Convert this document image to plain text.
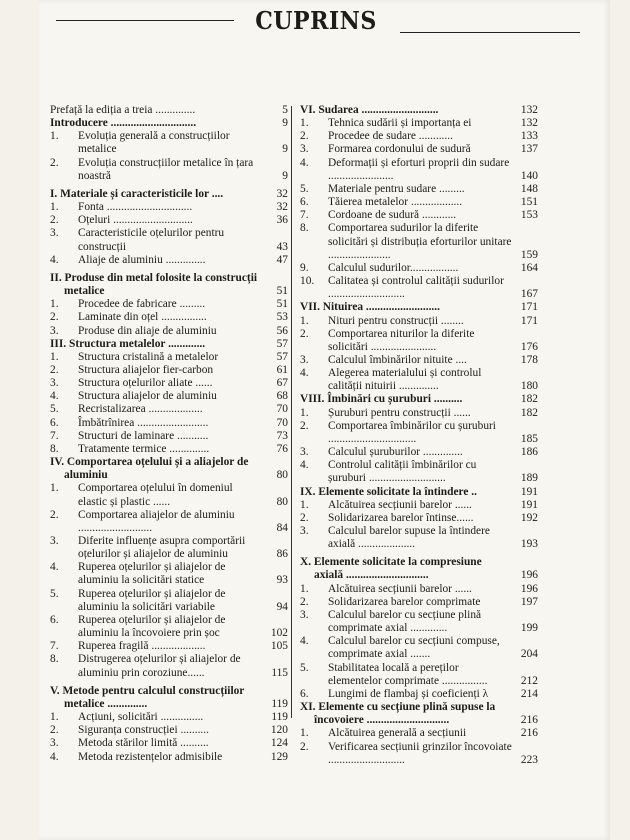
CUPRINS
Prefață la ediția a treia ..............	5
Introducere ..............................	9
1. Evoluția generală a construcțiilor metalice	9
2. Evoluția construcțiilor metalice în țara noastră	9
I. Materiale și caracteristicile lor ....	32
1. Fonta ..............................	32
2. Oțeluri ............................	36
3. Caracteristicile oțelurilor pentru construcții	43
4. Aliaje de aluminiu ..............	47
II. Produse din metal folosite la construcții metalice	51
1. Procedee de fabricare .........	51
2. Laminate din oțel ................	53
3. Produse din aliaje de aluminiu	56
III. Structura metalelor .............	57
1. Structura cristalină a metalelor	57
2. Structura aliajelor fier-carbon	61
3. Structura oțelurilor aliate ......	67
4. Structura aliajelor de aluminiu	68
5. Recristalizarea ...................	70
6. Îmbătrînirea .........................	70
7. Structuri de laminare ...........	73
8. Tratamente termice ..............	76
IV. Comportarea oțelului și a aliajelor de aluminiu	80
1. Comportarea oțelului în domeniul elastic și plastic ......	80
2. Comportarea aliajelor de aluminiu ..........................	84
3. Diferite influențe asupra comportării oțelurilor și aliajelor de aluminiu	86
4. Ruperea oțelurilor și aliajelor de aluminiu la solicitări statice	93
5. Ruperea oțelurilor și aliajelor de aluminiu la solicitări variabile	94
6. Ruperea oțelurilor și aliajelor de aluminiu la încovoiere prin șoc	102
7. Ruperea fragilă ...................	105
8. Distrugerea oțelurilor și aliajelor de aluminiu prin coroziune......	115
V. Metode pentru calculul construcțiilor metalice ..............	119
1. Acțiuni, solicitări ...............	119
2. Siguranța construcției ..........	120
3. Metoda stărilor limită ..........	124
4. Metoda rezistențelor admisibile	129
VI. Sudarea ...........................	132
1. Tehnica sudării și importanța ei	132
2. Procedee de sudare ............	133
3. Formarea cordonului de sudură	137
4. Deformații și eforturi proprii din sudare .......................	140
5. Materiale pentru sudare .........	148
6. Tăierea metalelor ..................	151
7. Cordoane de sudură ............	153
8. Comportarea sudurilor la diferite solicitări și distribuția eforturilor unitare ......................	159
9. Calculul sudurilor.................	164
10. Calitatea și controlul calității sudurilor ...........................	167
VII. Nituirea ..........................	171
1. Nituri pentru construcții ........	171
2. Comportarea niturilor la diferite solicitări .......................	176
3. Calculul îmbinărilor nituite ....	178
4. Alegerea materialului și controlul calității nituirii ..............	180
VIII. Îmbinări cu șuruburi ..........	182
1. Șuruburi pentru construcții ......	182
2. Comportarea îmbinărilor cu șuruburi ...............................	185
3. Calculul șuruburilor ..............	186
4. Controlul calității îmbinărilor cu șuruburi ...........................	189
IX. Elemente solicitate la întindere ..	191
1. Alcătuirea secțiunii barelor ......	191
2. Solidarizarea barelor întinse......	192
3. Calculul barelor supuse la întindere axială ....................	193
X. Elemente solicitate la compresiune axială .............................	196
1. Alcătuirea secțiunii barelor ......	196
2. Solidarizarea barelor comprimate	197
3. Calculul barelor cu secțiune plină comprimate axial .............	199
4. Calculul barelor cu secțiuni compuse, comprimate axial .......	204
5. Stabilitatea locală a pereților elementelor comprimate ................	212
6. Lungimi de flambaj și coeficienți λ	214
XI. Elemente cu secțiune plină supuse la încovoiere .............................	216
1. Alcătuirea generală a secțiunii	216
2. Verificarea secțiunii grinzilor încovoiate ...........................	223
